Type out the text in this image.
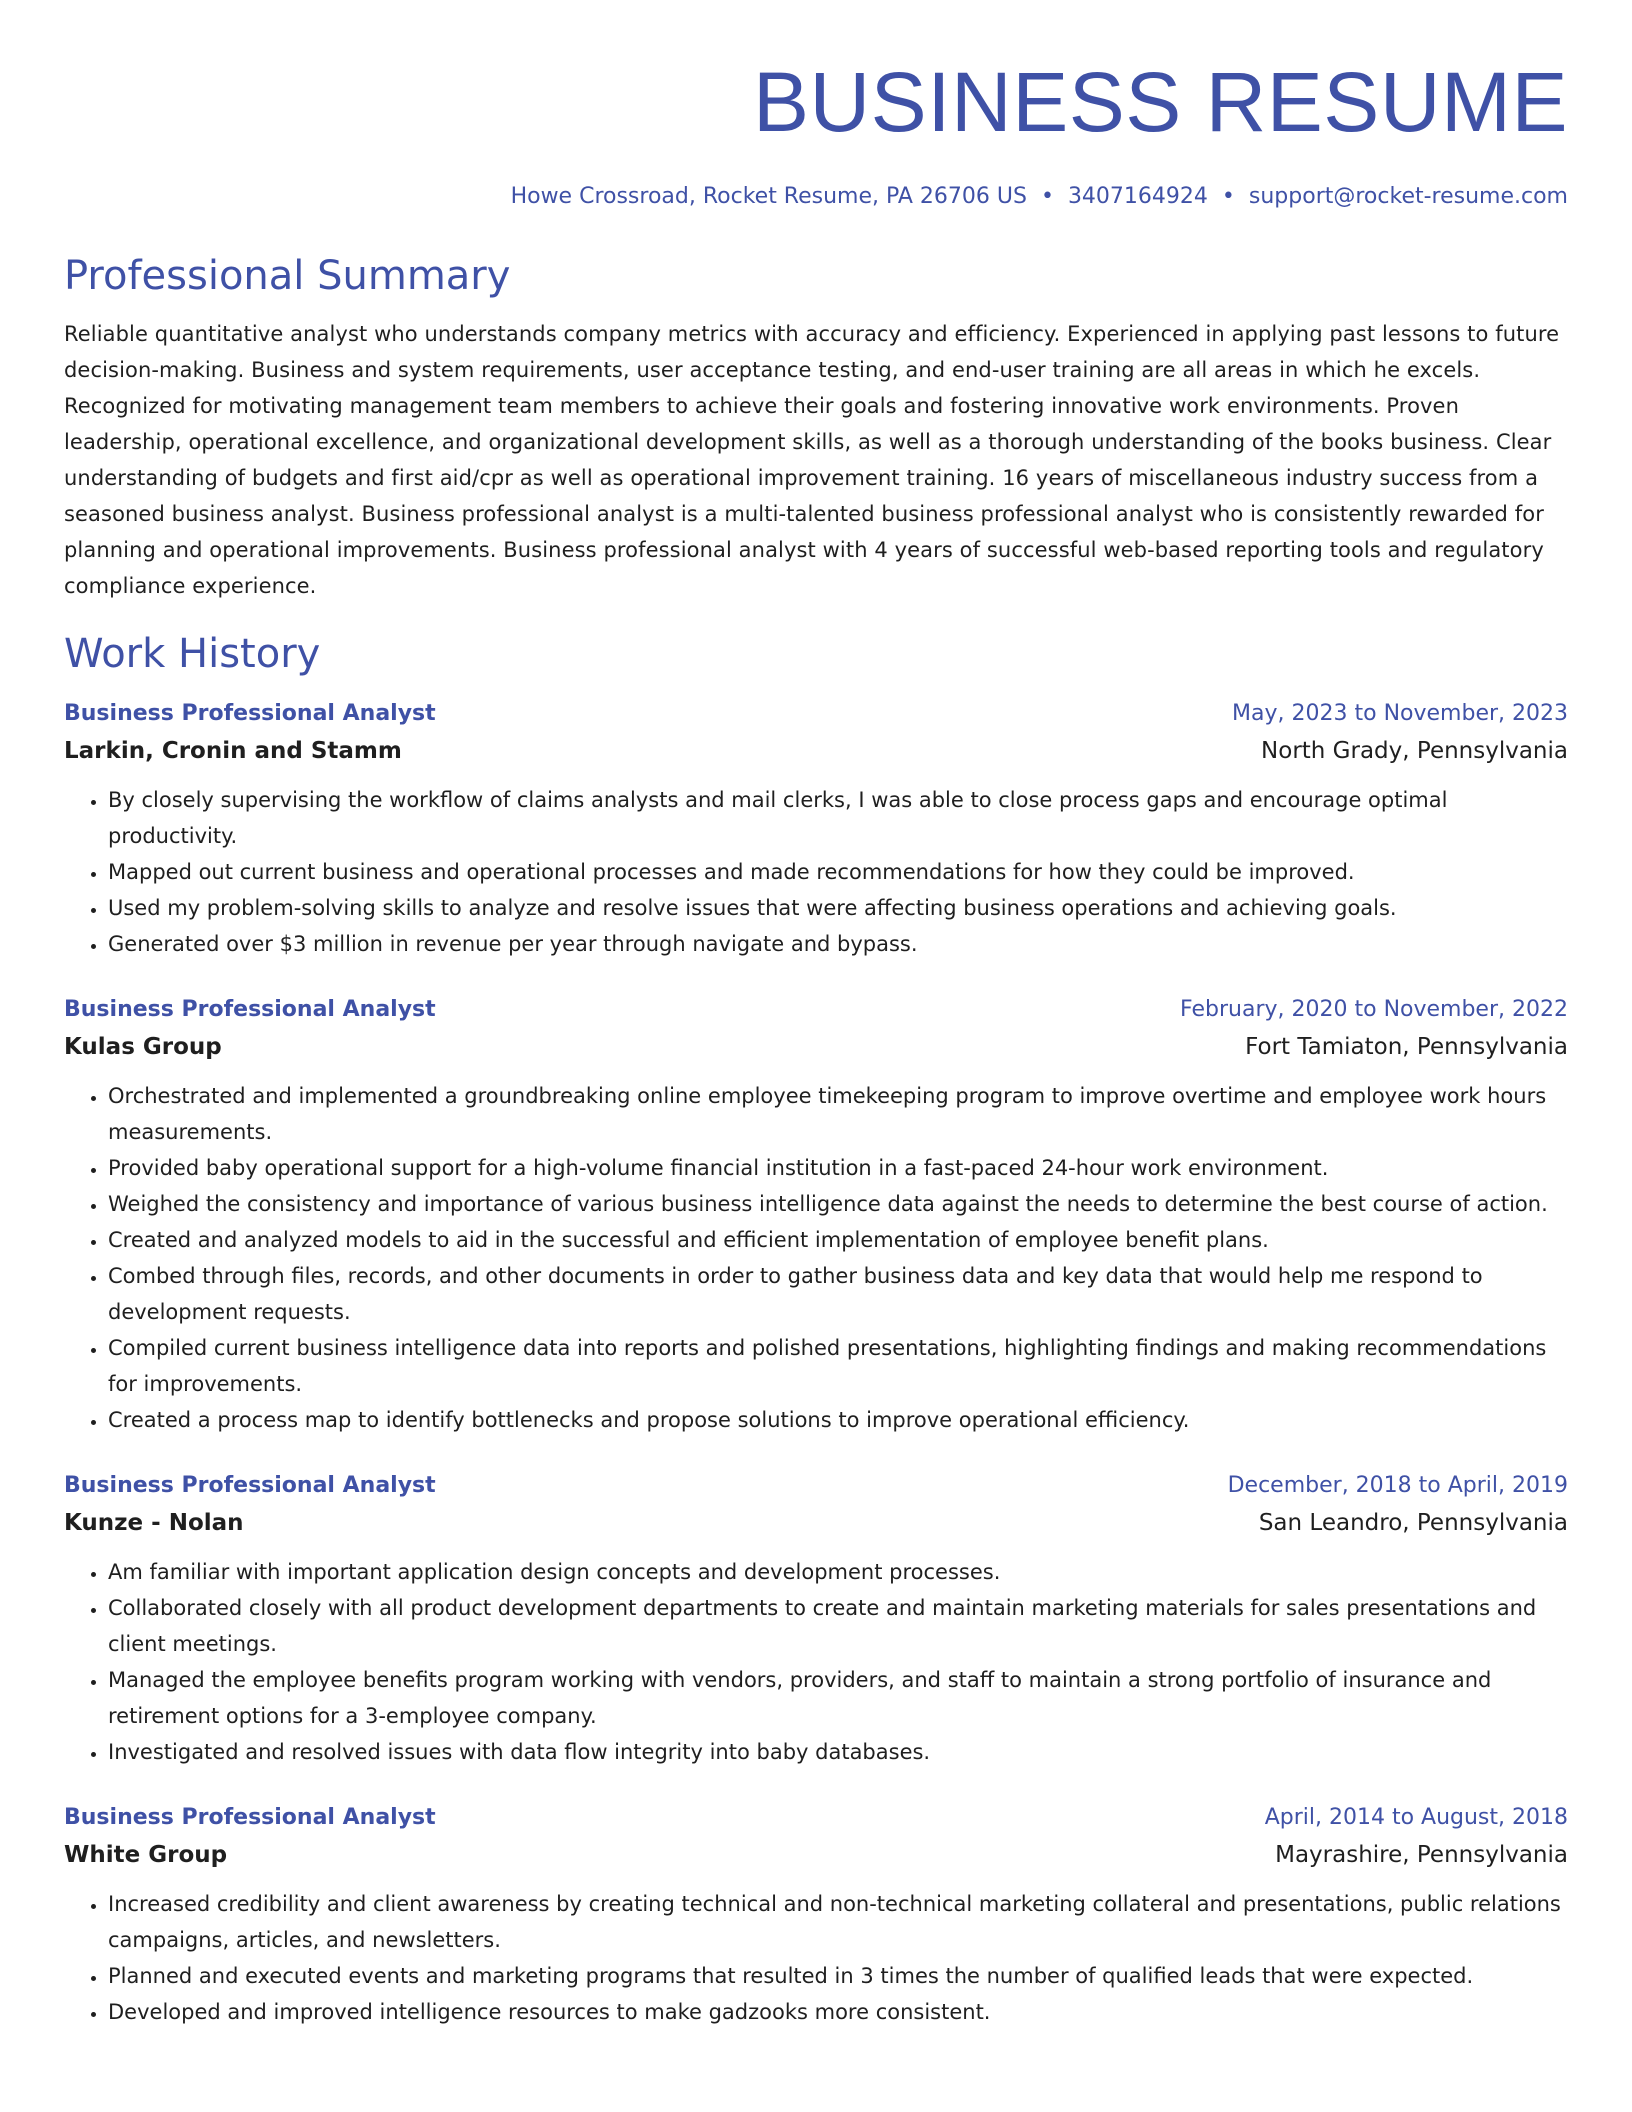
BUSINESS RESUME
Howe Crossroad, Rocket Resume, PA 26706 US • 3407164924 • support@rocket-resume.com
Professional Summary

Reliable quantitative analyst who understands company metrics with accuracy and efficiency. Experienced in applying past lessons to future decision-making. Business and system requirements, user acceptance testing, and end-user training are all areas in which he excels. Recognized for motivating management team members to achieve their goals and fostering innovative work environments. Proven leadership, operational excellence, and organizational development skills, as well as a thorough understanding of the books business. Clear understanding of budgets and first aid/cpr as well as operational improvement training. 16 years of miscellaneous industry success from a seasoned business analyst. Business professional analyst is a multi-talented business professional analyst who is consistently rewarded for planning and operational improvements. Business professional analyst with 4 years of successful web-based reporting tools and regulatory compliance experience.

Work History
Business Professional Analyst	May, 2023 to November, 2023
Larkin, Cronin and Stamm	North Grady, Pennsylvania
• By closely supervising the workflow of claims analysts and mail clerks, I was able to close process gaps and encourage optimal productivity.
• Mapped out current business and operational processes and made recommendations for how they could be improved.
• Used my problem-solving skills to analyze and resolve issues that were affecting business operations and achieving goals.
• Generated over $3 million in revenue per year through navigate and bypass.
Business Professional Analyst	February, 2020 to November, 2022
Kulas Group	Fort Tamiaton, Pennsylvania
• Orchestrated and implemented a groundbreaking online employee timekeeping program to improve overtime and employee work hours measurements.
• Provided baby operational support for a high-volume financial institution in a fast-paced 24-hour work environment.
• Weighed the consistency and importance of various business intelligence data against the needs to determine the best course of action.
• Created and analyzed models to aid in the successful and efficient implementation of employee benefit plans.
• Combed through files, records, and other documents in order to gather business data and key data that would help me respond to development requests.
• Compiled current business intelligence data into reports and polished presentations, highlighting findings and making recommendations for improvements.
• Created a process map to identify bottlenecks and propose solutions to improve operational efficiency.
Business Professional Analyst	December, 2018 to April, 2019
Kunze - Nolan	San Leandro, Pennsylvania
• Am familiar with important application design concepts and development processes.
• Collaborated closely with all product development departments to create and maintain marketing materials for sales presentations and client meetings.
• Managed the employee benefits program working with vendors, providers, and staff to maintain a strong portfolio of insurance and retirement options for a 3-employee company.
• Investigated and resolved issues with data flow integrity into baby databases.
Business Professional Analyst	April, 2014 to August, 2018
White Group	Mayrashire, Pennsylvania
• Increased credibility and client awareness by creating technical and non-technical marketing collateral and presentations, public relations campaigns, articles, and newsletters.
• Planned and executed events and marketing programs that resulted in 3 times the number of qualified leads that were expected.
• Developed and improved intelligence resources to make gadzooks more consistent.
